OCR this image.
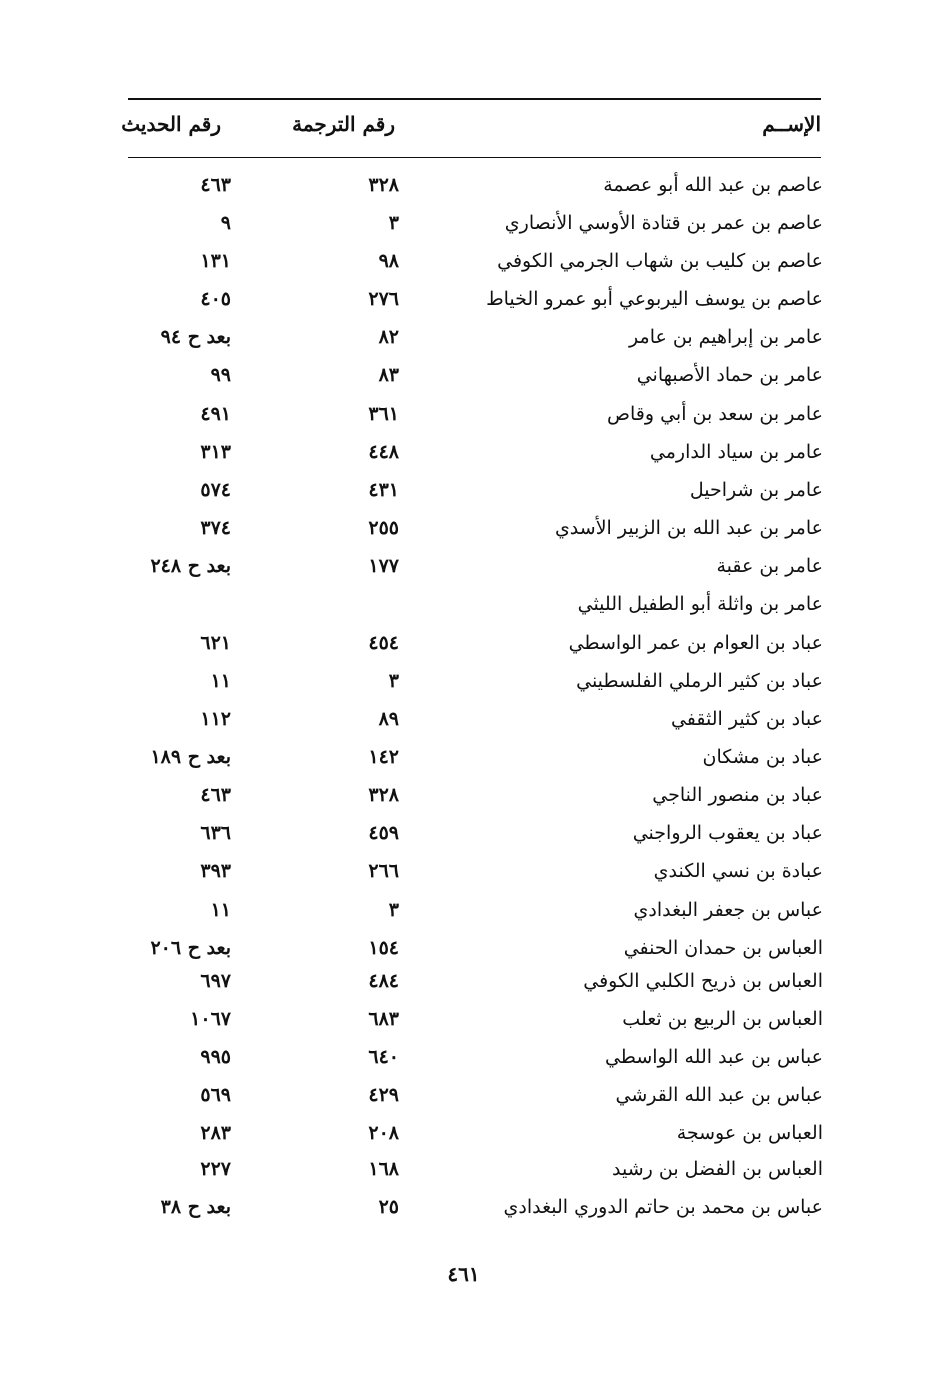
الإســم
رقم الترجمة
رقم الحديث
عاصم بن عبد الله أبو عصمة
٣٢٨
٤٦٣
عاصم بن عمر بن قتادة الأوسي الأنصاري
٣
٩
عاصم بن كليب بن شهاب الجرمي الكوفي
٩٨
١٣١
عاصم بن يوسف اليربوعي أبو عمرو الخياط
٢٧٦
٤٠٥
عامر بن إبراهيم بن عامر
٨٢
بعد ح ٩٤
عامر بن حماد الأصبهاني
٨٣
٩٩
عامر بن سعد بن أبي وقاص
٣٦١
٤٩١
عامر بن سياد الدارمي
٤٤٨
٣١٣
عامر بن شراحيل
٤٣١
٥٧٤
عامر بن عبد الله بن الزبير الأسدي
٢٥٥
٣٧٤
عامر بن عقبة
١٧٧
بعد ح ٢٤٨
عامر بن واثلة أبو الطفيل الليثي
عباد بن العوام بن عمر الواسطي
٤٥٤
٦٢١
عباد بن كثير الرملي الفلسطيني
٣
١١
عباد بن كثير الثقفي
٨٩
١١٢
عباد بن مشكان
١٤٢
بعد ح ١٨٩
عباد بن منصور الناجي
٣٢٨
٤٦٣
عباد بن يعقوب الرواجني
٤٥٩
٦٣٦
عبادة بن نسي الكندي
٢٦٦
٣٩٣
عباس بن جعفر البغدادي
٣
١١
العباس بن حمدان الحنفي
١٥٤
بعد ح ٢٠٦
العباس بن ذريح الكلبي الكوفي
٤٨٤
٦٩٧
العباس بن الربيع بن ثعلب
٦٨٣
١٠٦٧
عباس بن عبد الله الواسطي
٦٤٠
٩٩٥
عباس بن عبد الله القرشي
٤٢٩
٥٦٩
العباس بن عوسجة
٢٠٨
٢٨٣
العباس بن الفضل بن رشيد
١٦٨
٢٢٧
عباس بن محمد بن حاتم الدوري البغدادي
٢٥
بعد ح ٣٨
٤٦١
